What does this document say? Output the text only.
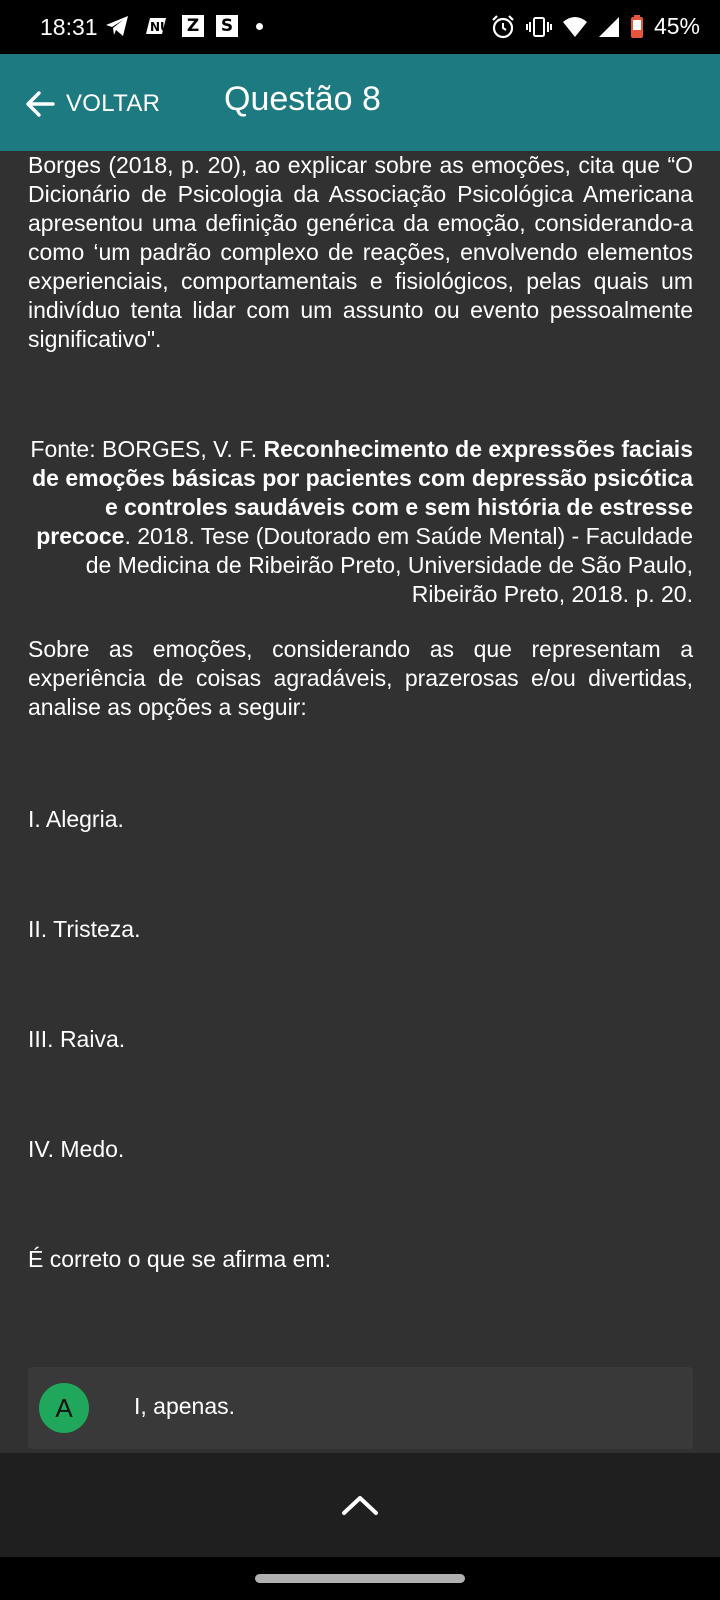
18:31	NU Z S	45%
VOLTAR Questão 8

Borges (2018, p. 20), ao explicar sobre as emoções, cita que “O Dicionário de Psicologia da Associação Psicológica Americana apresentou uma definição genérica da emoção, considerando-a como ‘um padrão complexo de reações, envolvendo elementos experienciais, comportamentais e fisiológicos, pelas quais um indivíduo tenta lidar com um assunto ou evento pessoalmente significativo".

Fonte: BORGES, V. F. Reconhecimento de expressões faciais de emoções básicas por pacientes com depressão psicótica e controles saudáveis com e sem história de estresse precoce. 2018. Tese (Doutorado em Saúde Mental) - Faculdade de Medicina de Ribeirão Preto, Universidade de São Paulo, Ribeirão Preto, 2018. p. 20.

Sobre as emoções, considerando as que representam a experiência de coisas agradáveis, prazerosas e/ou divertidas, analise as opções a seguir:

I. Alegria.

II. Tristeza.

III. Raiva.

IV. Medo.

É correto o que se afirma em:

A	I, apenas.
